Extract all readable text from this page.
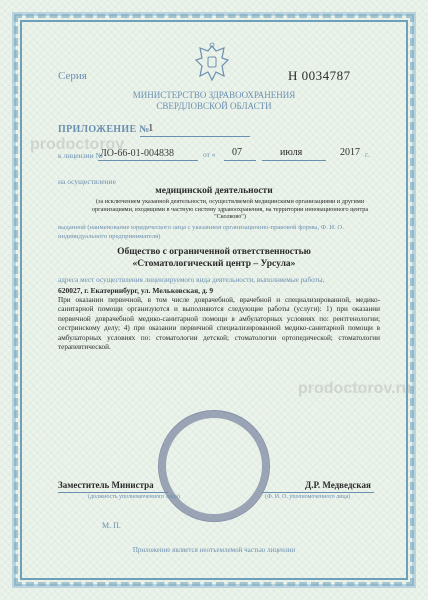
prodoctorov
prodoctorov.ru
Серия	Н 0034787
МИНИСТЕРСТВО ЗДРАВООХРАНЕНИЯ
СВЕРДЛОВСКОЙ ОБЛАСТИ
ПРИЛОЖЕНИЕ №
1
к лицензии №
ЛО-66-01-004838	от « 07	июля	2017 г.
на осуществление
медицинской деятельности
(за исключением указанной деятельности, осуществляемой медицинскими организациями и другими организациями, входящими в частную систему здравоохранения, на территории инновационного центра "Сколково")
выданной (наименование юридического лица с указанием организационно-правовой формы, Ф. И. О. индивидуального предпринимателя)
Общество с ограниченной ответственностью
«Стоматологический центр – Урсула»
адреса мест осуществления лицензируемого вида деятельности, выполняемые работы,
620027, г. Екатеринбург, ул. Мельковская, д. 9
При оказании первичной, в том числе доврачебной, врачебной и специализированной, медико-санитарной помощи организуются и выполняются следующие работы (услуги): 1) при оказании первичной доврачебной медико-санитарной помощи в амбулаторных условиях по: рентгенологии; сестринскому делу; 4) при оказании первичной специализированной медико-санитарной помощи в амбулаторных условиях по: стоматологии детской; стоматологии ортопедической; стоматологии терапевтической.
Заместитель Министра
(должность уполномоченного лица)
Д.Р. Медведская
(Ф. И. О. уполномоченного лица)
М. П.
Приложение является неотъемлемой частью лицензии
